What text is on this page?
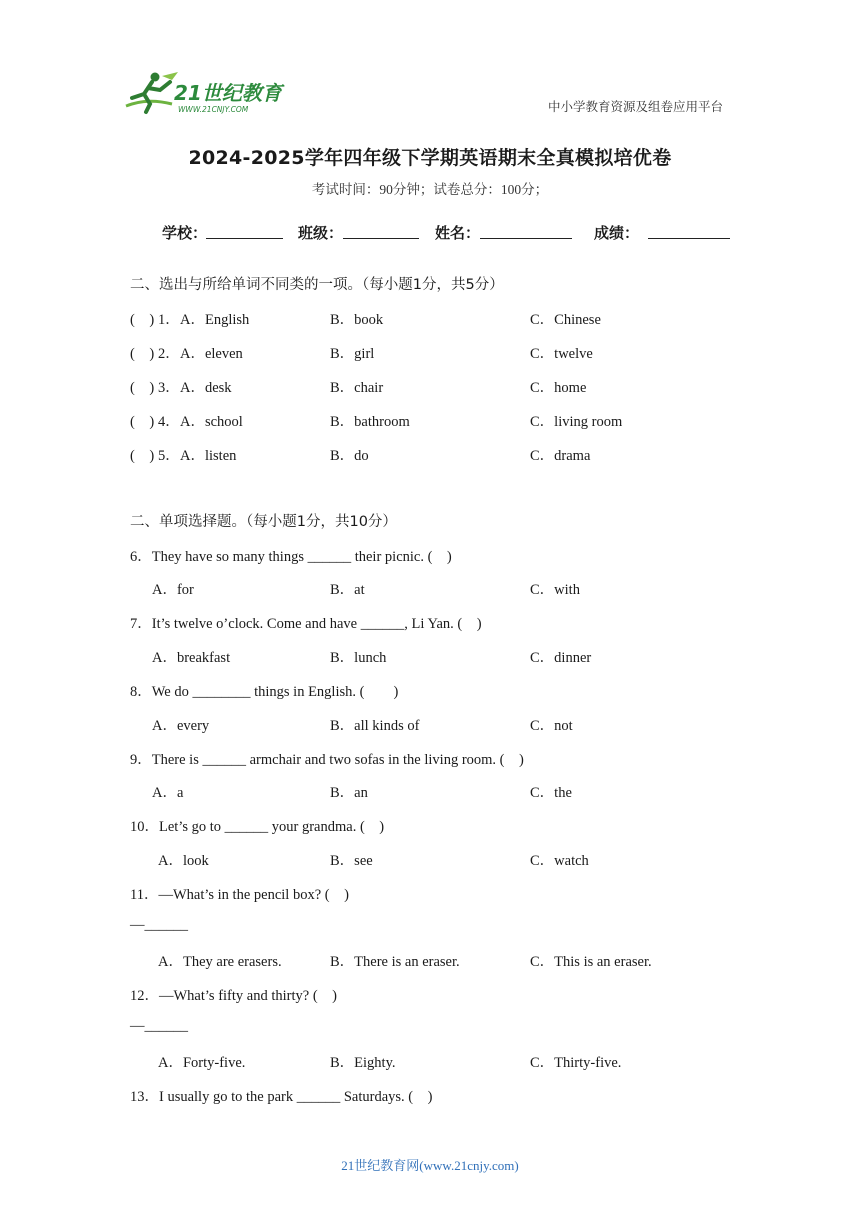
21世纪教育
WWW.21CNJY.COM	中小学教育资源及组卷应用平台
2024-2025学年四年级下学期英语期末全真模拟培优卷
考试时间：90分钟；试卷总分：100分；
学校：	班级：	姓名：	成绩：
二、选出与所给单词不同类的一项。（每小题1分，共5分）
(　) 1． A．English	B．book	C．Chinese
(　) 2． A．eleven	B．girl	C．twelve
(　) 3． A．desk	B．chair	C．home
(　) 4． A．school	B．bathroom	C．living room
(　) 5． A．listen	B．do	C．drama
二、单项选择题。（每小题1分，共10分）
6．They have so many things ______ their picnic. (　)
A．for	B．at	C．with
7．It’s twelve o’clock. Come and have ______, Li Yan. (　)
A．breakfast	B．lunch	C．dinner
8．We do ________ things in English. (　　)
A．every	B．all kinds of	C．not
9．There is ______ armchair and two sofas in the living room. (　)
A．a	B．an	C．the
10．Let’s go to ______ your grandma. (　)
A．look	B．see	C．watch
11．—What’s in the pencil box? (　)
—______
A．They are erasers.	B．There is an eraser.	C．This is an eraser.
12．—What’s fifty and thirty? (　)
—______
A．Forty-five.	B．Eighty.	C．Thirty-five.
13．I usually go to the park ______ Saturdays. (　)
21世纪教育网(www.21cnjy.com)
